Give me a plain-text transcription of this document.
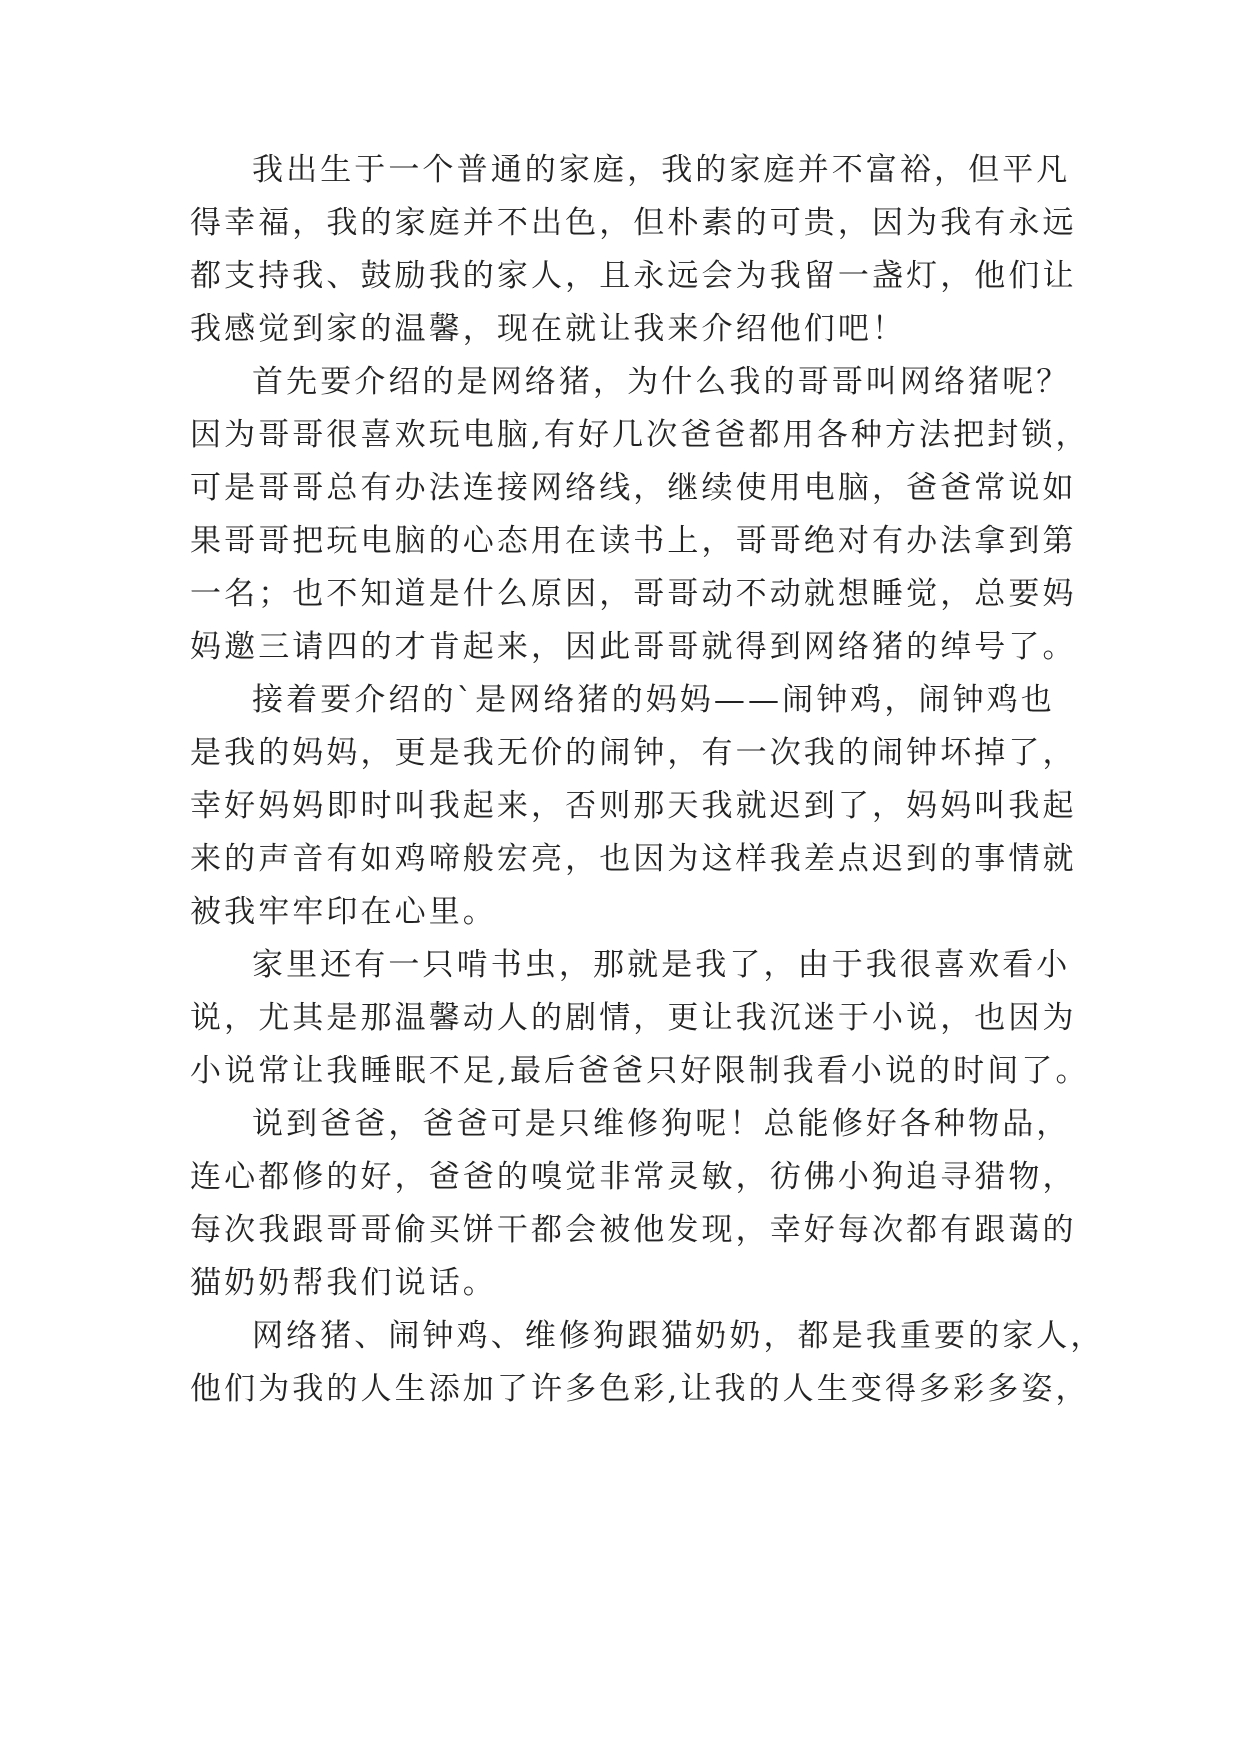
我出生于一个普通的家庭，我的家庭并不富裕，但平凡
得幸福，我的家庭并不出色，但朴素的可贵，因为我有永远
都支持我、鼓励我的家人，且永远会为我留一盏灯，他们让
我感觉到家的温馨，现在就让我来介绍他们吧！
首先要介绍的是网络猪，为什么我的哥哥叫网络猪呢？
因为哥哥很喜欢玩电脑,有好几次爸爸都用各种方法把封锁，
可是哥哥总有办法连接网络线，继续使用电脑，爸爸常说如
果哥哥把玩电脑的心态用在读书上，哥哥绝对有办法拿到第
一名；也不知道是什么原因，哥哥动不动就想睡觉，总要妈
妈邀三请四的才肯起来，因此哥哥就得到网络猪的绰号了。
接着要介绍的`是网络猪的妈妈——闹钟鸡，闹钟鸡也
是我的妈妈，更是我无价的闹钟，有一次我的闹钟坏掉了，
幸好妈妈即时叫我起来，否则那天我就迟到了，妈妈叫我起
来的声音有如鸡啼般宏亮，也因为这样我差点迟到的事情就
被我牢牢印在心里。
家里还有一只啃书虫，那就是我了，由于我很喜欢看小
说，尤其是那温馨动人的剧情，更让我沉迷于小说，也因为
小说常让我睡眠不足,最后爸爸只好限制我看小说的时间了。
说到爸爸，爸爸可是只维修狗呢！总能修好各种物品，
连心都修的好，爸爸的嗅觉非常灵敏，彷佛小狗追寻猎物，
每次我跟哥哥偷买饼干都会被他发现，幸好每次都有跟蔼的
猫奶奶帮我们说话。
网络猪、闹钟鸡、维修狗跟猫奶奶，都是我重要的家人，
他们为我的人生添加了许多色彩,让我的人生变得多彩多姿，
